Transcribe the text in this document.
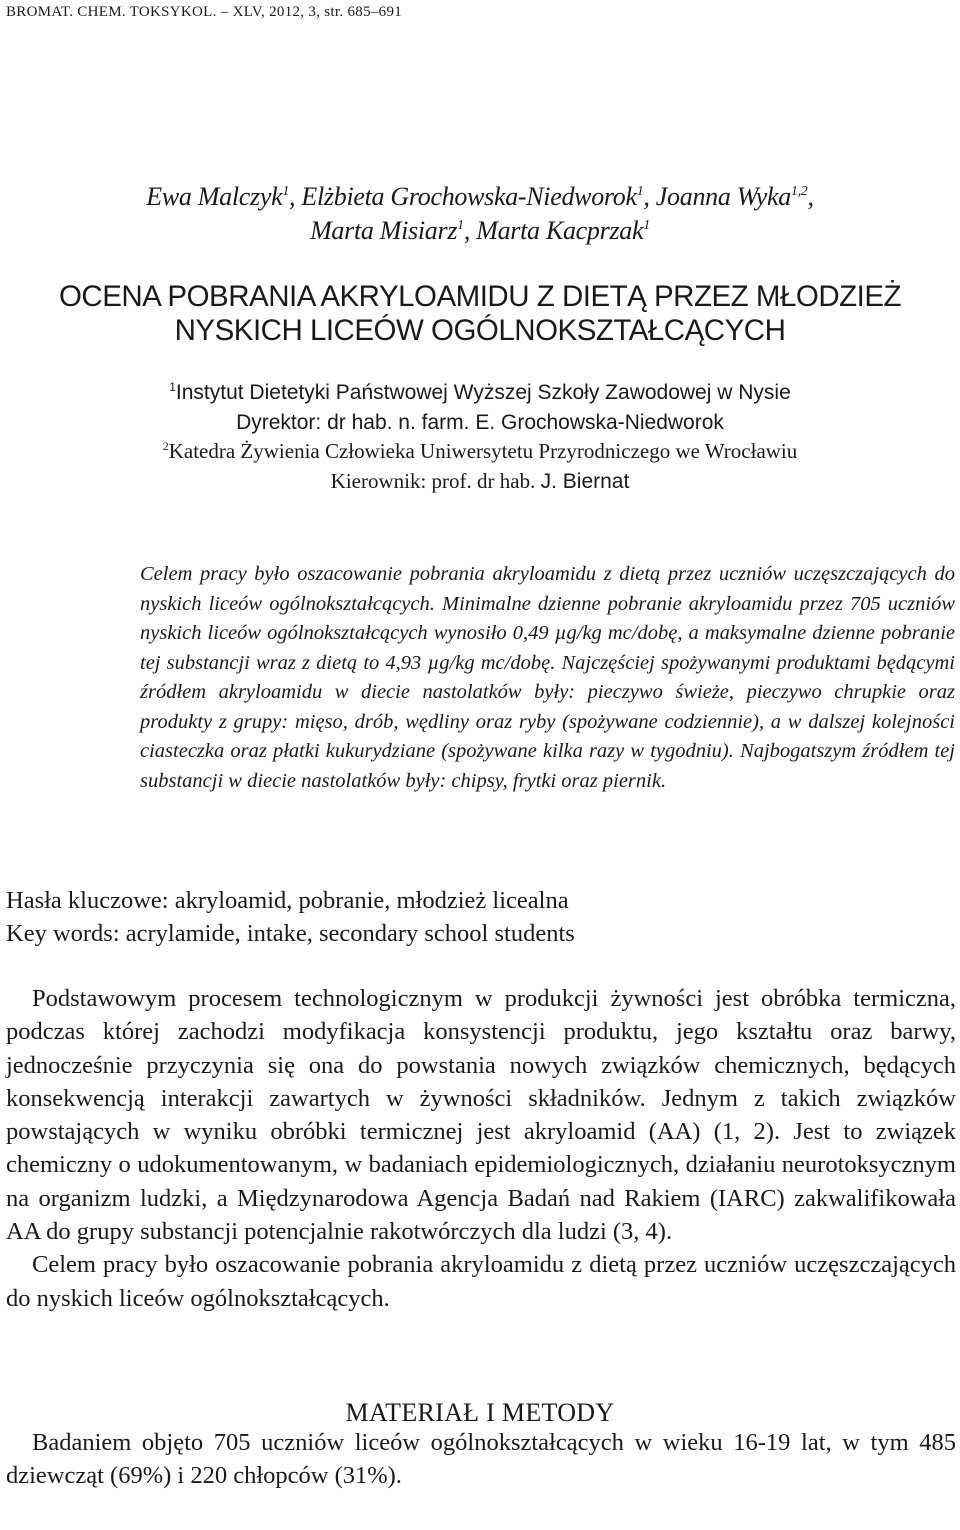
BROMAT. CHEM. TOKSYKOL. – XLV, 2012, 3, str. 685–691
Ewa Malczyk$^1$, Elżbieta Grochowska-Niedworok$^1$, Joanna Wyka$^{1,2}$,
Marta Misiarz$^1$, Marta Kacprzak$^1$
OCENA POBRANIA AKRYLOAMIDU Z DIETĄ PRZEZ MŁODZIEŻ
NYSKICH LICEÓW OGÓLNOKSZTAŁCĄCYCH
$^1$Instytut Dietetyki Państwowej Wyższej Szkoły Zawodowej w Nysie
Dyrektor: dr hab. n. farm. E. Grochowska-Niedworok
$^2$Katedra Żywienia Człowieka Uniwersytetu Przyrodniczego we Wrocławiu
Kierownik: prof. dr hab. J. Biernat
Celem pracy było oszacowanie pobrania akryloamidu z dietą przez uczniów uczęszczających do nyskich liceów ogólnokształcących. Minimalne dzienne pobranie akryloamidu przez 705 uczniów nyskich liceów ogólnokształcących wynosiło 0,49 µg/kg mc/dobę, a maksymalne dzienne pobranie tej substancji wraz z dietą to 4,93 µg/kg mc/dobę. Najczęściej spożywanymi produktami będącymi źródłem akryloamidu w diecie nastolatków były: pieczywo świeże, pieczywo chrupkie oraz produkty z grupy: mięso, drób, wędliny oraz ryby (spożywane codziennie), a w dalszej kolejności ciasteczka oraz płatki kukurydziane (spożywane kilka razy w tygodniu). Najbogatszym źródłem tej substancji w diecie nastolatków były: chipsy, frytki oraz piernik.
Hasła kluczowe: akryloamid, pobranie, młodzież licealna
Key words: acrylamide, intake, secondary school students

Podstawowym procesem technologicznym w produkcji żywności jest obróbka termiczna, podczas której zachodzi modyfikacja konsystencji produktu, jego kształtu oraz barwy, jednocześnie przyczynia się ona do powstania nowych związków chemicznych, będących konsekwencją interakcji zawartych w żywności składników. Jednym z takich związków powstających w wyniku obróbki termicznej jest akryloamid (AA) (1, 2). Jest to związek chemiczny o udokumentowanym, w badaniach epidemiologicznych, działaniu neurotoksycznym na organizm ludzki, a Międzynarodowa Agencja Badań nad Rakiem (IARC) zakwalifikowała AA do grupy substancji potencjalnie rakotwórczych dla ludzi (3, 4).

Celem pracy było oszacowanie pobrania akryloamidu z dietą przez uczniów uczęszczających do nyskich liceów ogólnokształcących.

MATERIAŁ I METODY

Badaniem objęto 705 uczniów liceów ogólnokształcących w wieku 16-19 lat, w tym 485 dziewcząt (69%) i 220 chłopców (31%).
